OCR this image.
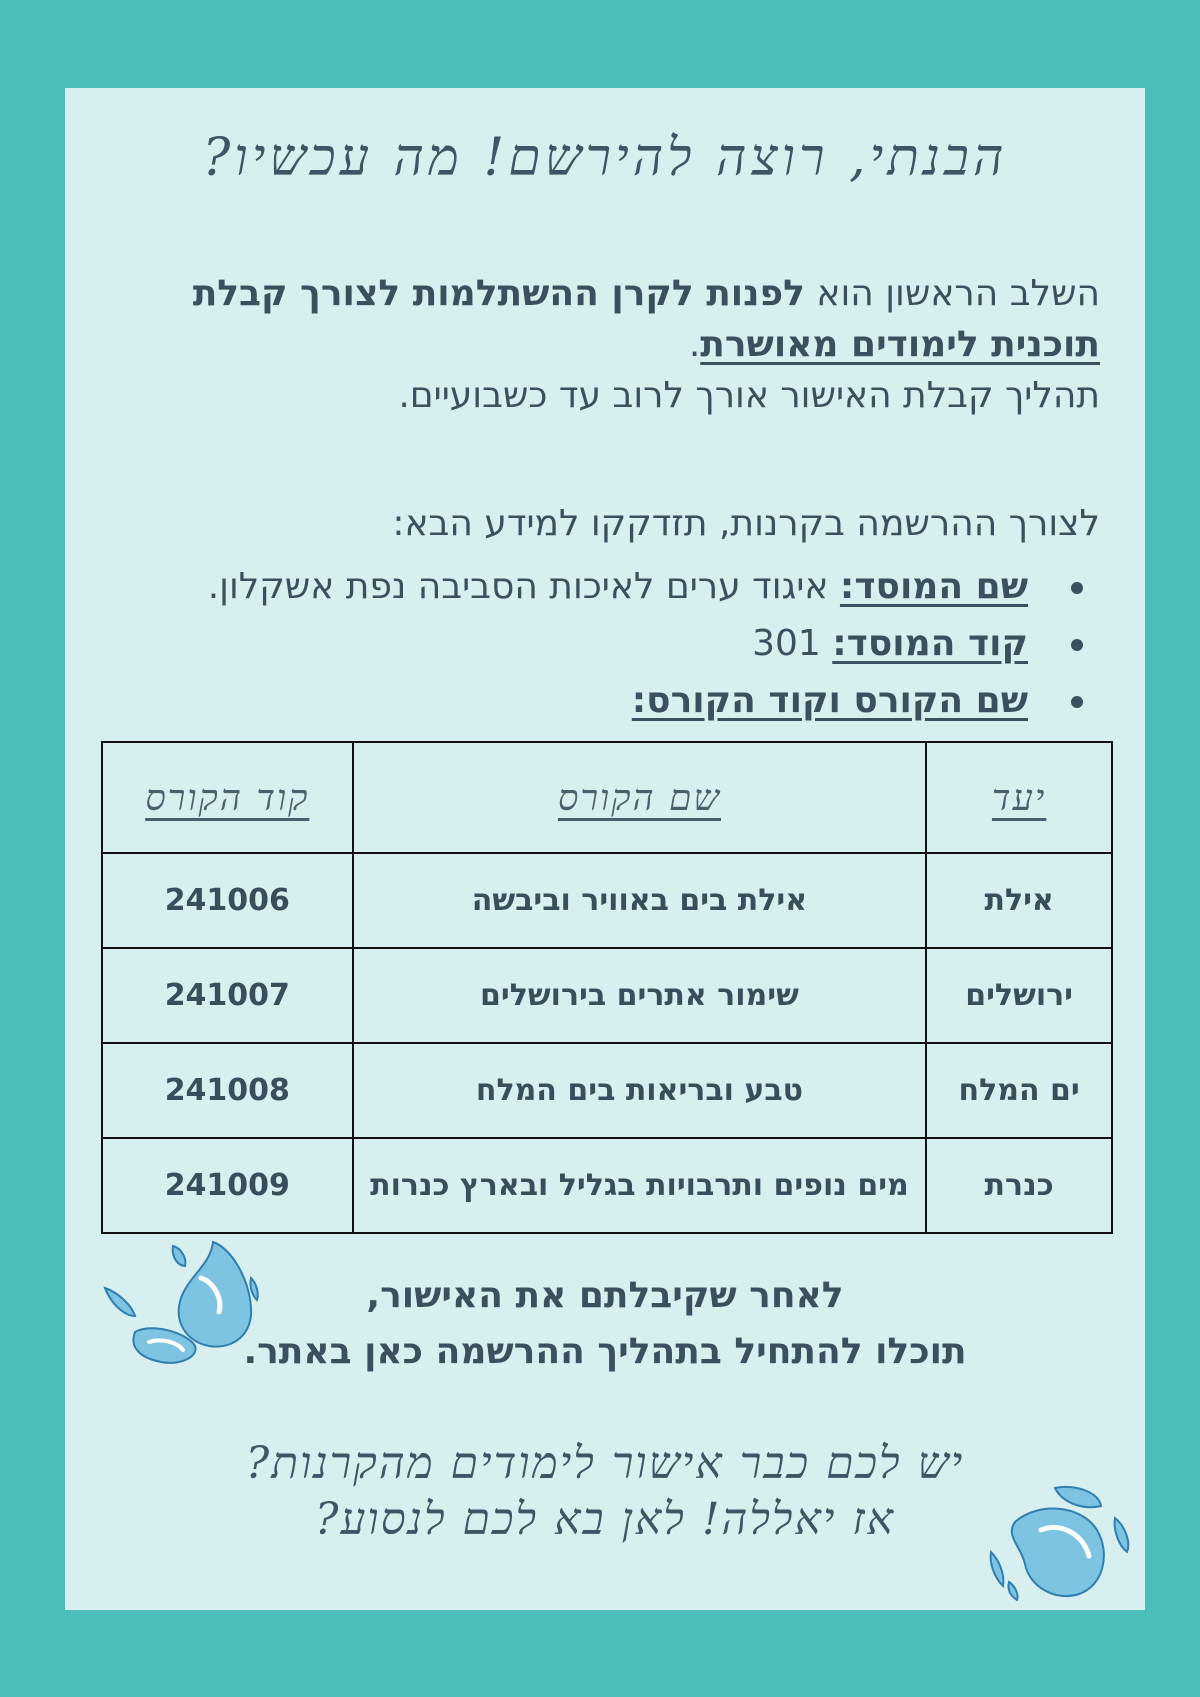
הבנתי, רוצה להירשם! מה עכשיו?
השלב הראשון הוא לפנות לקרן ההשתלמות לצורך קבלת
תוכנית לימודים מאושרת.
תהליך קבלת האישור אורך לרוב עד כשבועיים.
לצורך ההרשמה בקרנות, תזדקקו למידע הבא:
שם המוסד: איגוד ערים לאיכות הסביבה נפת אשקלון.
קוד המוסד: 301
שם הקורס וקוד הקורס:
יעד	שם הקורס	קוד הקורס
אילת	אילת בים באוויר וביבשה	241006
ירושלים	שימור אתרים בירושלים	241007
ים המלח	טבע ובריאות בים המלח	241008
כנרת	מים נופים ותרבויות בגליל ובארץ כנרות	241009
לאחר שקיבלתם את האישור,
תוכלו להתחיל בתהליך ההרשמה כאן באתר.
יש לכם כבר אישור לימודים מהקרנות?
אז יאללה! לאן בא לכם לנסוע?
